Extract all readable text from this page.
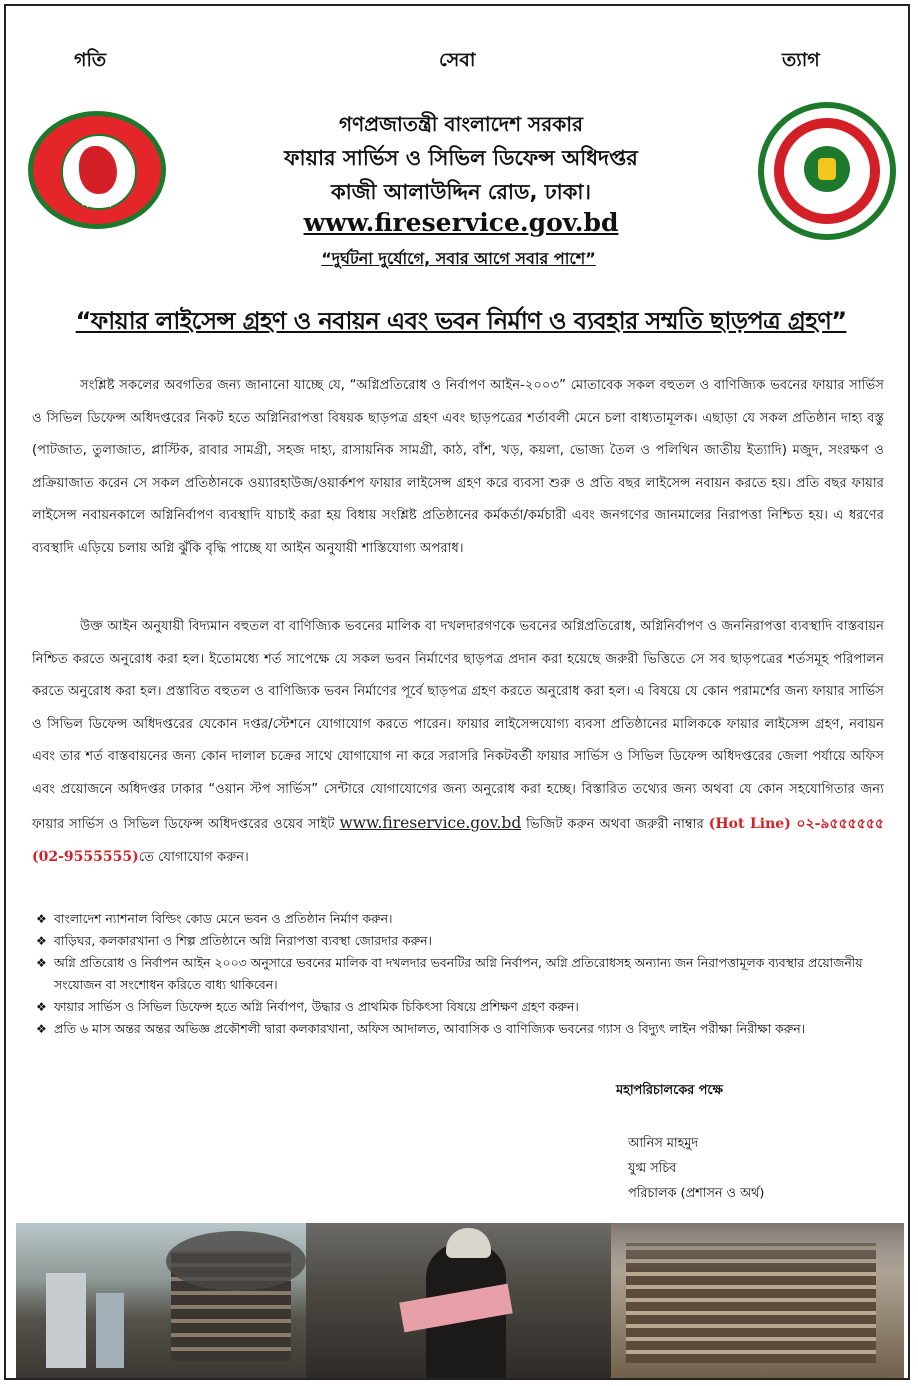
গতি	সেবা	ত্যাগ
সরকার
গণপ্রজাতন্ত্রী বাংলাদেশ সরকার
ফায়ার সার্ভিস ও সিভিল ডিফেন্স অধিদপ্তর
কাজী আলাউদ্দিন রোড, ঢাকা।
www.fireservice.gov.bd
“দুর্ঘটনা দুর্যোগে, সবার আগে সবার পাশে”
“ফায়ার লাইসেন্স গ্রহণ ও নবায়ন এবং ভবন নির্মাণ ও ব্যবহার সম্মতি ছাড়পত্র গ্রহণ”

সংশ্লিষ্ট সকলের অবগতির জন্য জানানো যাচ্ছে যে, “অগ্নিপ্রতিরোধ ও নির্বাপণ আইন-২০০৩” মোতাবেক সকল বহুতল ও বাণিজ্যিক ভবনের ফায়ার সার্ভিস ও সিভিল ডিফেন্স অধিদপ্তরের নিকট হতে অগ্নিনিরাপত্তা বিষয়ক ছাড়পত্র গ্রহণ এবং ছাড়পত্রের শর্তাবলী মেনে চলা বাধ্যতামূলক। এছাড়া যে সকল প্রতিষ্ঠান দাহ্য বস্তু (পাটজাত, তুলাজাত, প্লাস্টিক, রাবার সামগ্রী, সহজ দাহ্য, রাসায়নিক সামগ্রী, কাঠ, বাঁশ, খড়, কয়লা, ভোজ্য তৈল ও পলিথিন জাতীয় ইত্যাদি) মজুদ, সংরক্ষণ ও প্রক্রিয়াজাত করেন সে সকল প্রতিষ্ঠানকে ওয়্যারহাউজ/ওয়ার্কশপ ফায়ার লাইসেন্স গ্রহণ করে ব্যবসা শুরু ও প্রতি বছর লাইসেন্স নবায়ন করতে হয়। প্রতি বছর ফায়ার লাইসেন্স নবায়নকালে অগ্নিনির্বাপণ ব্যবস্থাদি যাচাই করা হয় বিধায় সংশ্লিষ্ট প্রতিষ্ঠানের কর্মকর্তা/কর্মচারী এবং জনগণের জানমালের নিরাপত্তা নিশ্চিত হয়। এ ধরণের ব্যবস্থাদি এড়িয়ে চলায় অগ্নি ঝুঁকি বৃদ্ধি পাচ্ছে যা আইন অনুযায়ী শাস্তিযোগ্য অপরাধ।

উক্ত আইন অনুযায়ী বিদ্যমান বহুতল বা বাণিজ্যিক ভবনের মালিক বা দখলদারগণকে ভবনের অগ্নিপ্রতিরোধ, অগ্নিনির্বাপণ ও জননিরাপত্তা ব্যবস্থাদি বাস্তবায়ন নিশ্চিত করতে অনুরোধ করা হল। ইতোমধ্যে শর্ত সাপেক্ষে যে সকল ভবন নির্মাণের ছাড়পত্র প্রদান করা হয়েছে জরুরী ভিত্তিতে সে সব ছাড়পত্রের শর্তসমূহ পরিপালন করতে অনুরোধ করা হল। প্রস্তাবিত বহুতল ও বাণিজ্যিক ভবন নির্মাণের পূর্বে ছাড়পত্র গ্রহণ করতে অনুরোধ করা হল। এ বিষয়ে যে কোন পরামর্শের জন্য ফায়ার সার্ভিস ও সিভিল ডিফেন্স অধিদপ্তরের যেকোন দপ্তর/স্টেশনে যোগাযোগ করতে পারেন। ফায়ার লাইসেন্সযোগ্য ব্যবসা প্রতিষ্ঠানের মালিককে ফায়ার লাইসেন্স গ্রহণ, নবায়ন এবং তার শর্ত বাস্তবায়নের জন্য কোন দালাল চক্রের সাথে যোগাযোগ না করে সরাসরি নিকটবর্তী ফায়ার সার্ভিস ও সিভিল ডিফেন্স অধিদপ্তরের জেলা পর্যায়ে অফিস এবং প্রয়োজনে অধিদপ্তর ঢাকার “ওয়ান স্টপ সার্ভিস” সেন্টারে যোগাযোগের জন্য অনুরোধ করা হচ্ছে। বিস্তারিত তথ্যের জন্য অথবা যে কোন সহযোগিতার জন্য ফায়ার সার্ভিস ও সিভিল ডিফেন্স অধিদপ্তরের ওয়েব সাইট www.fireservice.gov.bd ভিজিট করুন অথবা জরুরী নাম্বার (Hot Line) ০২-৯৫৫৫৫৫৫ (02-9555555)তে যোগাযোগ করুন।

❖ বাংলাদেশ ন্যাশনাল বিল্ডিং কোড মেনে ভবন ও প্রতিষ্ঠান নির্মাণ করুন।
❖ বাড়িঘর, কলকারখানা ও শিল্প প্রতিষ্ঠানে অগ্নি নিরাপত্তা ব্যবস্থা জোরদার করুন।
❖ অগ্নি প্রতিরোধ ও নির্বাপন আইন ২০০৩ অনুসারে ভবনের মালিক বা দখলদার ভবনটির অগ্নি নির্বাপন, অগ্নি প্রতিরোধসহ অন্যান্য জন নিরাপত্তামূলক ব্যবস্থার প্রয়োজনীয় সংযোজন বা সংশোধন করিতে বাধ্য থাকিবেন।
❖ ফায়ার সার্ভিস ও সিভিল ডিফেন্স হতে অগ্নি নির্বাপণ, উদ্ধার ও প্রাথমিক চিকিৎসা বিষয়ে প্রশিক্ষণ গ্রহণ করুন।
❖ প্রতি ৬ মাস অন্তর অন্তর অভিজ্ঞ প্রকৌশলী দ্বারা কলকারখানা, অফিস আদালত, আবাসিক ও বাণিজ্যিক ভবনের গ্যাস ও বিদ্যুৎ লাইন পরীক্ষা নিরীক্ষা করুন।
মহাপরিচালকের পক্ষে
আনিস মাহমুদ
যুগ্ম সচিব
পরিচালক (প্রশাসন ও অর্থ)
